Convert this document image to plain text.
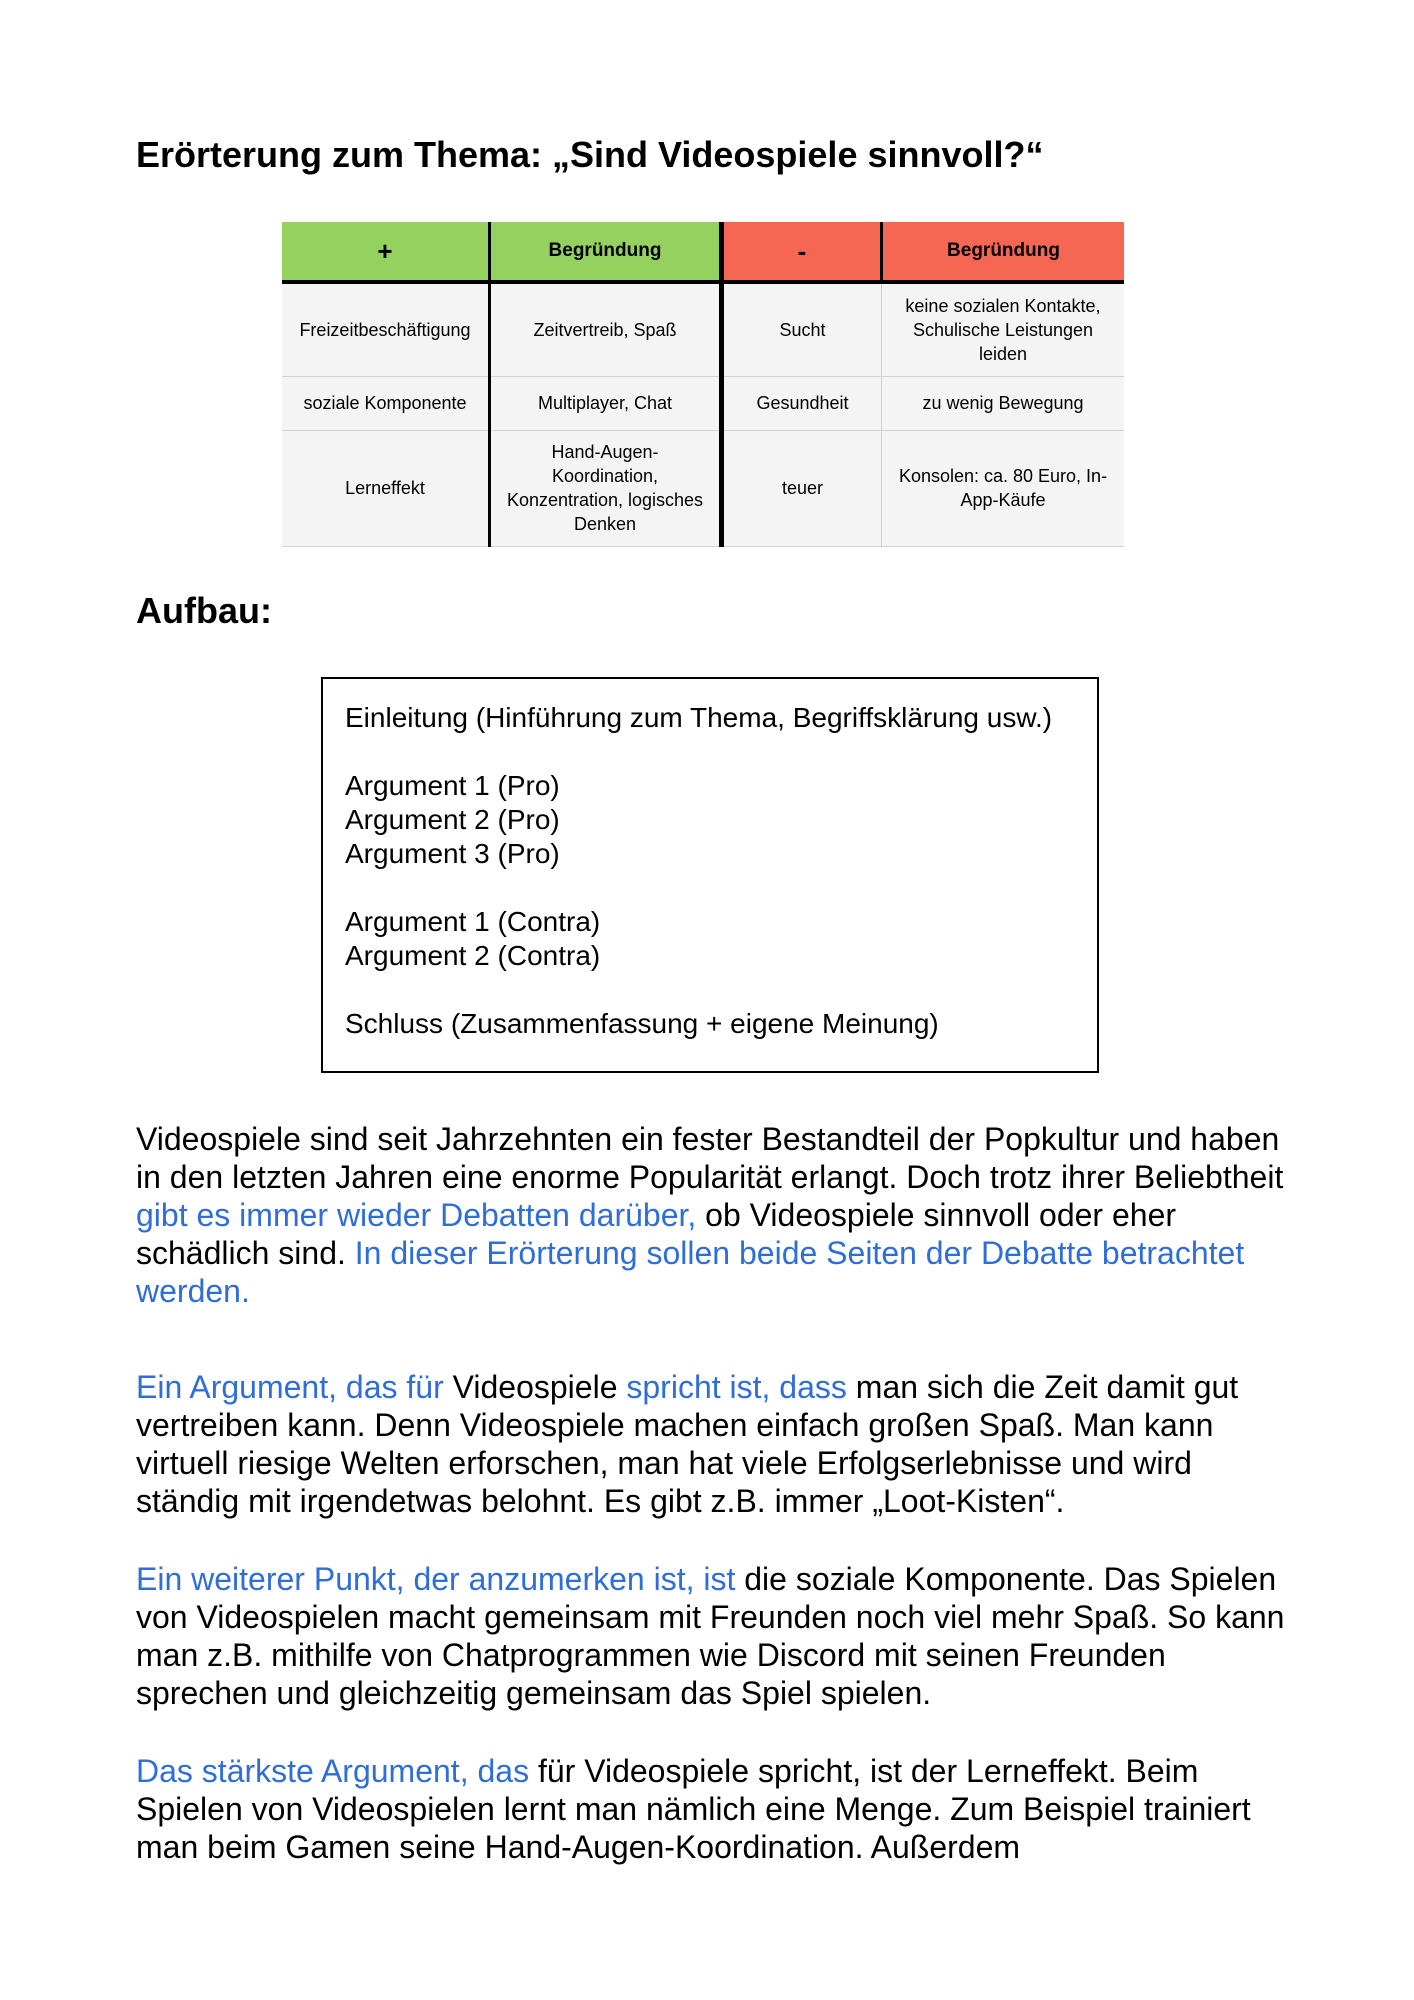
Erörterung zum Thema: „Sind Videospiele sinnvoll?“
+	Begründung	-	Begründung
Freizeitbeschäftigung	Zeitvertreib, Spaß	Sucht	keine sozialen Kontakte, Schulische Leistungen leiden
soziale Komponente	Multiplayer, Chat	Gesundheit	zu wenig Bewegung
Lerneffekt	Hand-Augen-Koordination, Konzentration, logisches Denken	teuer	Konsolen: ca. 80 Euro, In-App-Käufe
Aufbau:
Einleitung (Hinführung zum Thema, Begriffsklärung usw.)
Argument 1 (Pro)
Argument 2 (Pro)
Argument 3 (Pro)
Argument 1 (Contra)
Argument 2 (Contra)
Schluss (Zusammenfassung + eigene Meinung)

Videospiele sind seit Jahrzehnten ein fester Bestandteil der Popkultur und haben in den letzten Jahren eine enorme Popularität erlangt. Doch trotz ihrer Beliebtheit gibt es immer wieder Debatten darüber, ob Videospiele sinnvoll oder eher schädlich sind. In dieser Erörterung sollen beide Seiten der Debatte betrachtet werden.

Ein Argument, das für Videospiele spricht ist, dass man sich die Zeit damit gut vertreiben kann. Denn Videospiele machen einfach großen Spaß. Man kann virtuell riesige Welten erforschen, man hat viele Erfolgserlebnisse und wird ständig mit irgendetwas belohnt. Es gibt z.B. immer „Loot-Kisten“.

Ein weiterer Punkt, der anzumerken ist, ist die soziale Komponente. Das Spielen von Videospielen macht gemeinsam mit Freunden noch viel mehr Spaß. So kann man z.B. mithilfe von Chatprogrammen wie Discord mit seinen Freunden sprechen und gleichzeitig gemeinsam das Spiel spielen.

Das stärkste Argument, das für Videospiele spricht, ist der Lerneffekt. Beim Spielen von Videospielen lernt man nämlich eine Menge. Zum Beispiel trainiert man beim Gamen seine Hand-Augen-Koordination. Außerdem
